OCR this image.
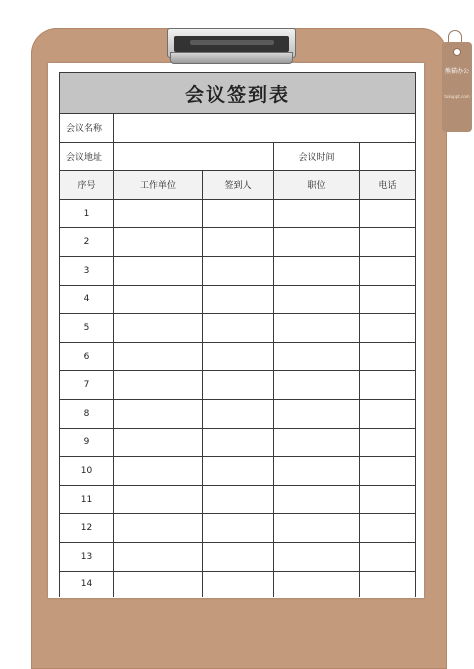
熊猫办公
tukuppt.com
会议签到表				
会议名称				
会议地址			会议时间	
序号	工作单位	签到人	职位	电话
1				
2				
3				
4				
5				
6				
7				
8				
9				
10				
11				
12				
13				
14				
